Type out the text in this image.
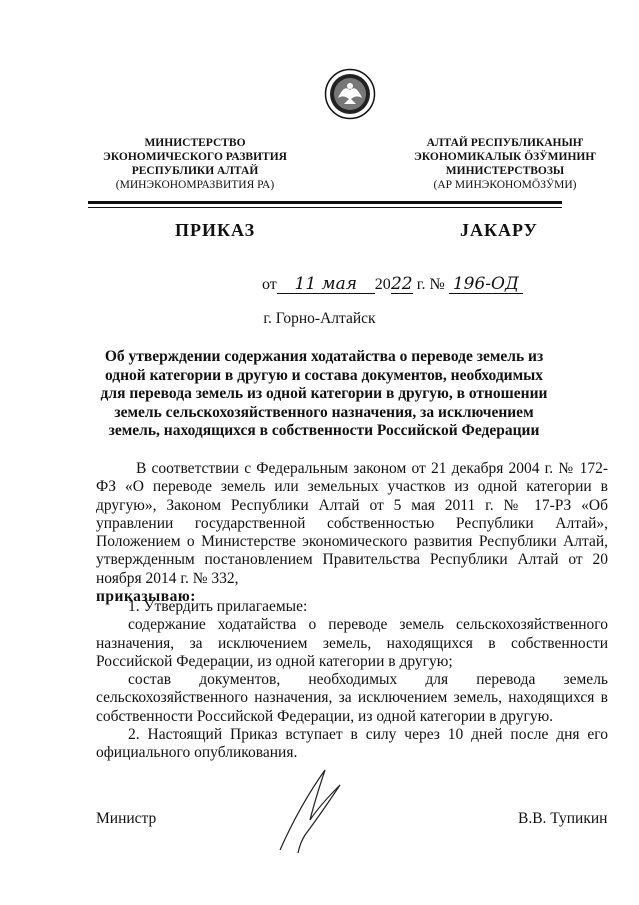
МИНИСТЕРСТВО
ЭКОНОМИЧЕСКОГО РАЗВИТИЯ
РЕСПУБЛИКИ АЛТАЙ
(МИНЭКОНОМРАЗВИТИЯ РА)
АЛТАЙ РЕСПУБЛИКАНЫҤ
ЭКОНОМИКАЛЫК ӦЗӰМИНИҤ
МИНИСТЕРСТВОЗЫ
(АР МИНЭКОНОМӦЗӰМИ)
ПРИКАЗ	JАКАРУ
от 11 мая 2022 г. № 196-ОД
г. Горно-Алтайск
Об утверждении содержания ходатайства о переводе земель из одной категории в другую и состава документов, необходимых для перевода земель из одной категории в другую, в отношении земель сельскохозяйственного назначения, за исключением земель, находящихся в собственности Российской Федерации
В соответствии с Федеральным законом от 21 декабря 2004 г. № 172-ФЗ «О переводе земель или земельных участков из одной категории в другую», Законом Республики Алтай от 5 мая 2011 г. № 17-РЗ «Об управлении государственной собственностью Республики Алтай», Положением о Министерстве экономического развития Республики Алтай, утвержденным постановлением Правительства Республики Алтай от 20 ноября 2014 г. № 332,
приказываю:

1. Утвердить прилагаемые:

содержание ходатайства о переводе земель сельскохозяйственного назначения, за исключением земель, находящихся в собственности Российской Федерации, из одной категории в другую;

состав документов, необходимых для перевода земель сельскохозяйственного назначения, за исключением земель, находящихся в собственности Российской Федерации, из одной категории в другую.

2. Настоящий Приказ вступает в силу через 10 дней после дня его официального опубликования.

Министр	В.В. Тупикин
